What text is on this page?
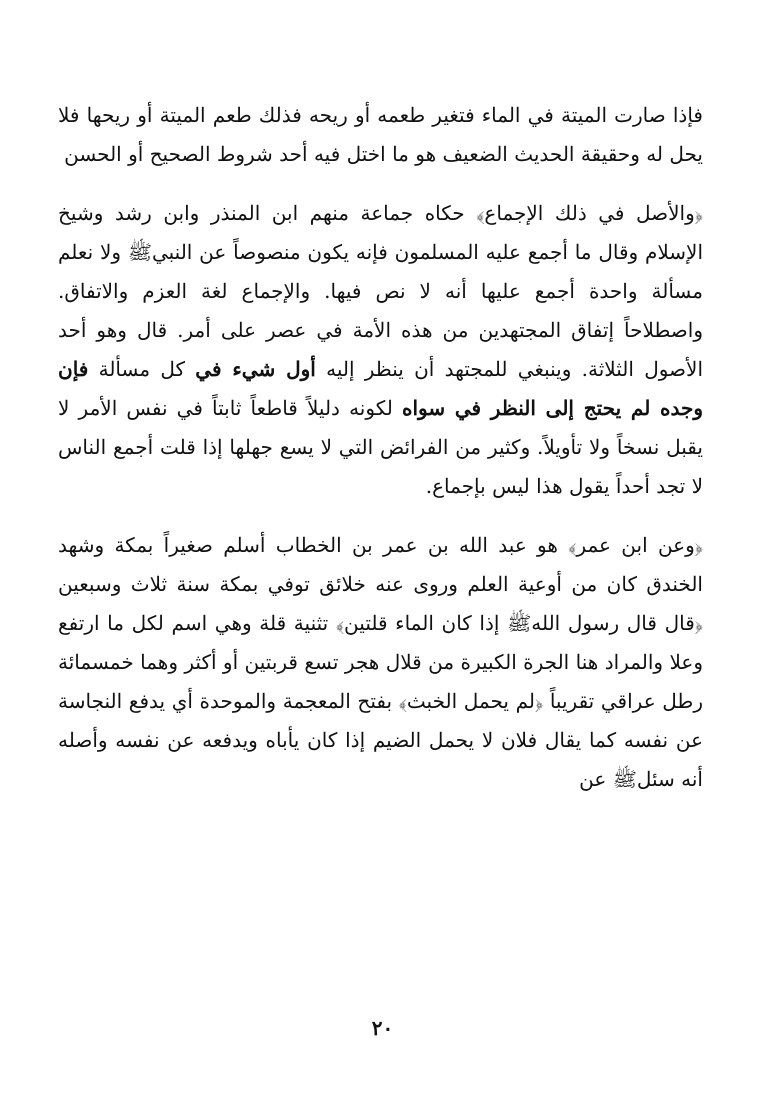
فإذا صارت الميتة في الماء فتغير طعمه أو ريحه فذلك طعم الميتة أو ريحها فلا يحل له وحقيقة الحديث الضعيف هو ما اختل فيه أحد شروط الصحيح أو الحسن

﴿والأصل في ذلك الإجماع﴾ حكاه جماعة منهم ابن المنذر وابن رشد وشيخ الإسلام وقال ما أجمع عليه المسلمون فإنه يكون منصوصاً عن النبيﷺ ولا نعلم مسألة واحدة أجمع عليها أنه لا نص فيها. والإجماع لغة العزم والاتفاق. واصطلاحاً إتفاق المجتهدين من هذه الأمة في عصر على أمر. قال وهو أحد الأصول الثلاثة. وينبغي للمجتهد أن ينظر إليه أول شيء في كل مسألة فإن وجده لم يحتج إلى النظر في سواه لكونه دليلاً قاطعاً ثابتاً في نفس الأمر لا يقبل نسخاً ولا تأويلاً. وكثير من الفرائض التي لا يسع جهلها إذا قلت أجمع الناس لا تجد أحداً يقول هذا ليس بإجماع.

﴿وعن ابن عمر﴾ هو عبد الله بن عمر بن الخطاب أسلم صغيراً بمكة وشهد الخندق كان من أوعية العلم وروى عنه خلائق توفي بمكة سنة ثلاث وسبعين ﴿قال قال رسول اللهﷺ إذا كان الماء قلتين﴾ تثنية قلة وهي اسم لكل ما ارتفع وعلا والمراد هنا الجرة الكبيرة من قلال هجر تسع قربتين أو أكثر وهما خمسمائة رطل عراقي تقريباً ﴿لم يحمل الخبث﴾ بفتح المعجمة والموحدة أي يدفع النجاسة عن نفسه كما يقال فلان لا يحمل الضيم إذا كان يأباه ويدفعه عن نفسه وأصله أنه سئلﷺ عن

٢٠
